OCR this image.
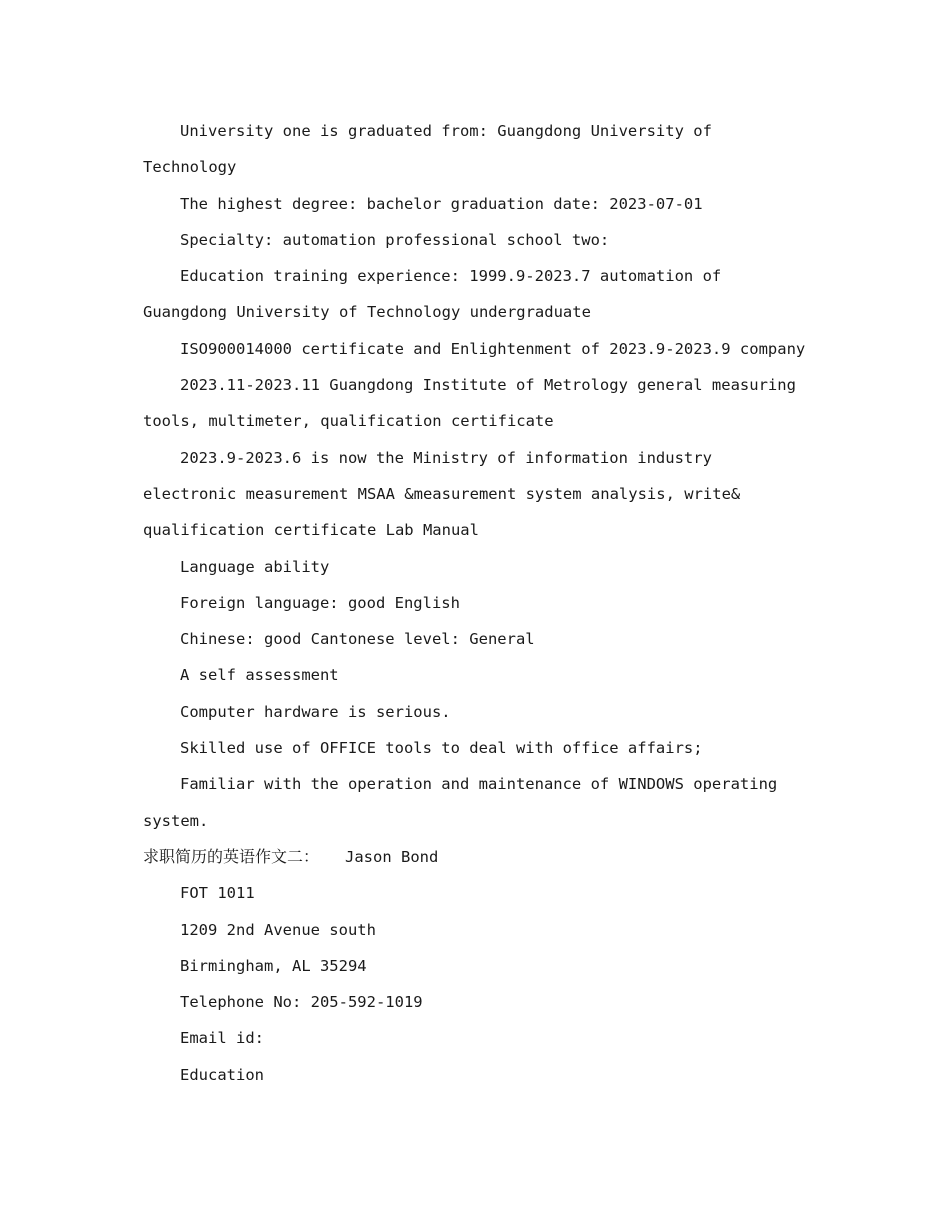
University one is graduated from: Guangdong University of
Technology
The highest degree: bachelor graduation date: 2023-07-01
Specialty: automation professional school two:
Education training experience: 1999.9-2023.7 automation of
Guangdong University of Technology undergraduate
ISO900014000 certificate and Enlightenment of 2023.9-2023.9 company
2023.11-2023.11 Guangdong Institute of Metrology general measuring
tools, multimeter, qualification certificate
2023.9-2023.6 is now the Ministry of information industry
electronic measurement MSAA &measurement system analysis, write&
qualification certificate Lab Manual
Language ability
Foreign language: good English
Chinese: good Cantonese level: General
A self assessment
Computer hardware is serious.
Skilled use of OFFICE tools to deal with office affairs;
Familiar with the operation and maintenance of WINDOWS operating
system.
求职简历的英语作文二： Jason Bond
FOT 1011
1209 2nd Avenue south
Birmingham, AL 35294
Telephone No: 205-592-1019
Email id:
Education
